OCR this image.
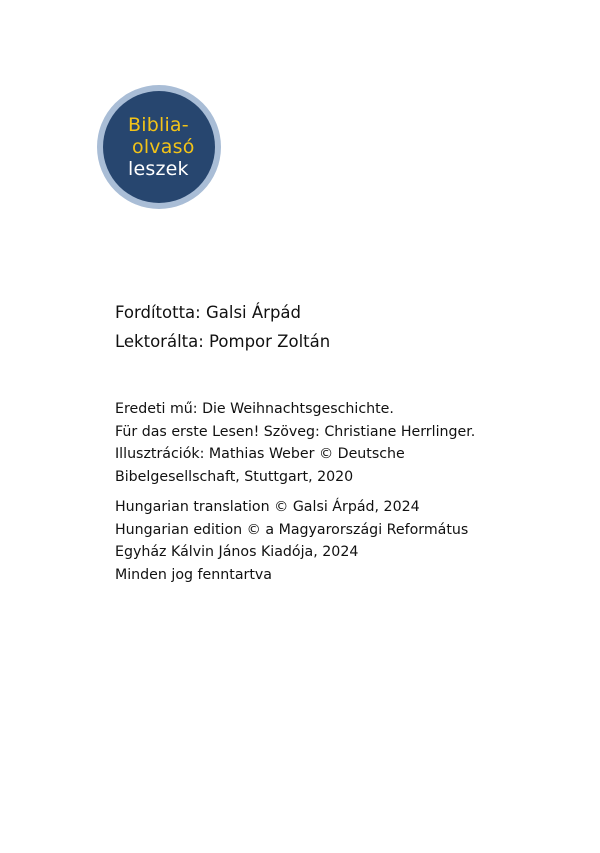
Biblia-
olvasó
leszek
Fordította: Galsi Árpád
Lektorálta: Pompor Zoltán
Eredeti mű: Die Weihnachtsgeschichte.
Für das erste Lesen! Szöveg: Christiane Herrlinger.
Illusztrációk: Mathias Weber © Deutsche
Bibelgesellschaft, Stuttgart, 2020
Hungarian translation © Galsi Árpád, 2024
Hungarian edition © a Magyarországi Református
Egyház Kálvin János Kiadója, 2024
Minden jog fenntartva
